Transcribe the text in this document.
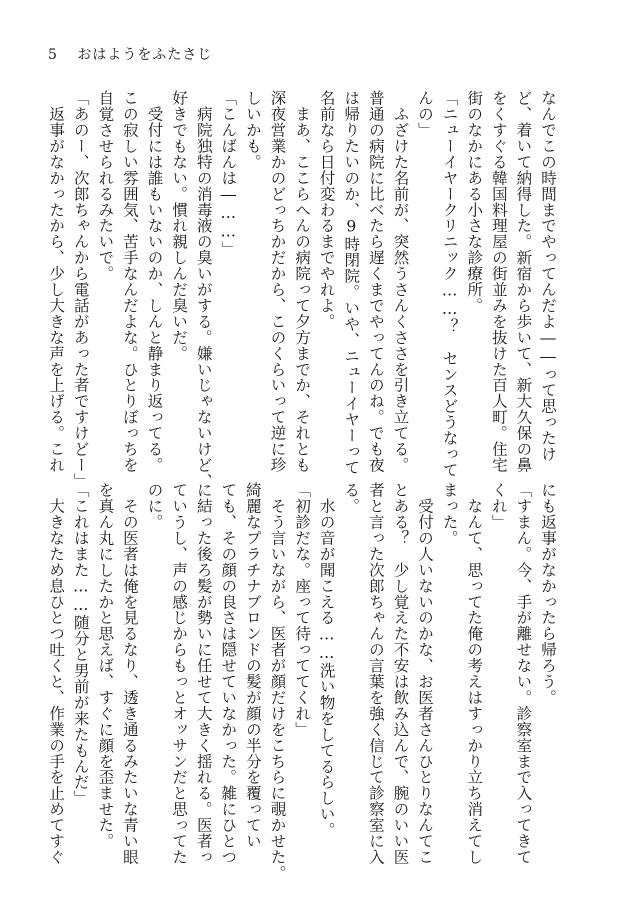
5 おはようをふたさじ
なんでこの時間までやってんだよ――って思ったけ
ど、着いて納得した。新宿から歩いて、新大久保の鼻
をくすぐる韓国料理屋の街並みを抜けた百人町。住宅
街のなかにある小さな診療所。
「ニューイヤークリニック……？　センスどうなって
んの」
　ふざけた名前が、突然うさんくささを引き立てる。
普通の病院に比べたら遅くまでやってんのね。でも夜
は帰りたいのか、9時閉院。いや、ニューイヤーって
名前なら日付変わるまでやれよ。
　まあ、ここらへんの病院って夕方までか、それとも
深夜営業かのどっちかだから、このくらいって逆に珍
しいかも。
「こんばんは―……」
　病院独特の消毒液の臭いがする。嫌いじゃないけど、
好きでもない。慣れ親しんだ臭いだ。
　受付には誰もいないのか、しんと静まり返ってる。
この寂しい雰囲気、苦手なんだよな。ひとりぼっちを
自覚させられるみたいで。
「あのー、次郎ちゃんから電話があった者ですけどー」
　返事がなかったから、少し大きな声を上げる。これ
にも返事がなかったら帰ろう。
「すまん。今、手が離せない。診察室まで入ってきて
くれ」
　なんて、思ってた俺の考えはすっかり立ち消えてし
まった。
　受付の人いないのかな、お医者さんひとりなんてこ
とある？　少し覚えた不安は飲み込んで、腕のいい医
者と言った次郎ちゃんの言葉を強く信じて診察室に入
る。
　水の音が聞こえる……洗い物をしてるらしい。
「初診だな。座って待っててくれ」
　そう言いながら、医者が顔だけをこちらに覗かせた。
綺麗なプラチナブロンドの髪が顔の半分を覆ってい
ても、その顔の良さは隠せていなかった。雑にひとつ
に結った後ろ髪が勢いに任せて大きく揺れる。医者っ
ていうし、声の感じからもっとオッサンだと思ってた
のに。
　その医者は俺を見るなり、透き通るみたいな青い眼
を真ん丸にしたかと思えば、すぐに顔を歪ませた。
「これはまた……随分と男前が来たもんだ」
　大きなため息ひとつ吐くと、作業の手を止めてすぐ
